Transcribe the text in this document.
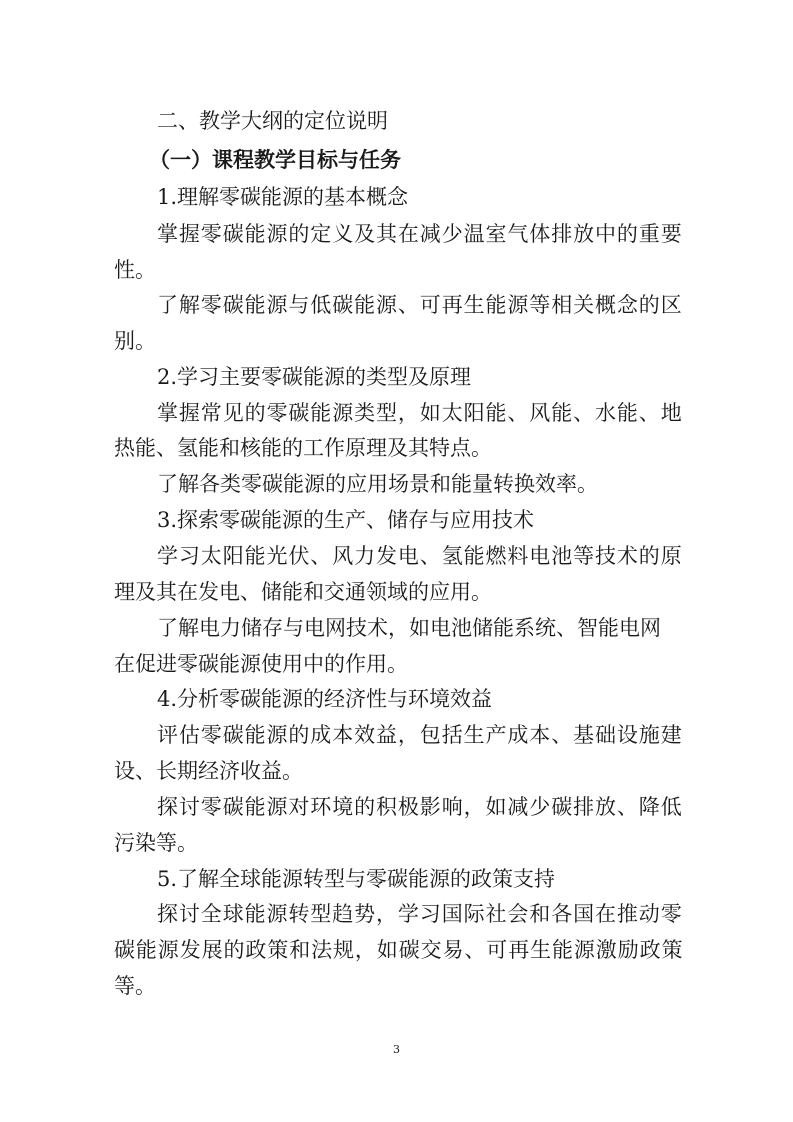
二、教学大纲的定位说明
（一）课程教学目标与任务
1.理解零碳能源的基本概念
掌握零碳能源的定义及其在减少温室气体排放中的重要
性。
了解零碳能源与低碳能源、可再生能源等相关概念的区
别。
2.学习主要零碳能源的类型及原理
掌握常见的零碳能源类型，如太阳能、风能、水能、地
热能、氢能和核能的工作原理及其特点。
了解各类零碳能源的应用场景和能量转换效率。
3.探索零碳能源的生产、储存与应用技术
学习太阳能光伏、风力发电、氢能燃料电池等技术的原
理及其在发电、储能和交通领域的应用。
了解电力储存与电网技术，如电池储能系统、智能电网
在促进零碳能源使用中的作用。
4.分析零碳能源的经济性与环境效益
评估零碳能源的成本效益，包括生产成本、基础设施建
设、长期经济收益。
探讨零碳能源对环境的积极影响，如减少碳排放、降低
污染等。
5.了解全球能源转型与零碳能源的政策支持
探讨全球能源转型趋势，学习国际社会和各国在推动零
碳能源发展的政策和法规，如碳交易、可再生能源激励政策
等。
3
